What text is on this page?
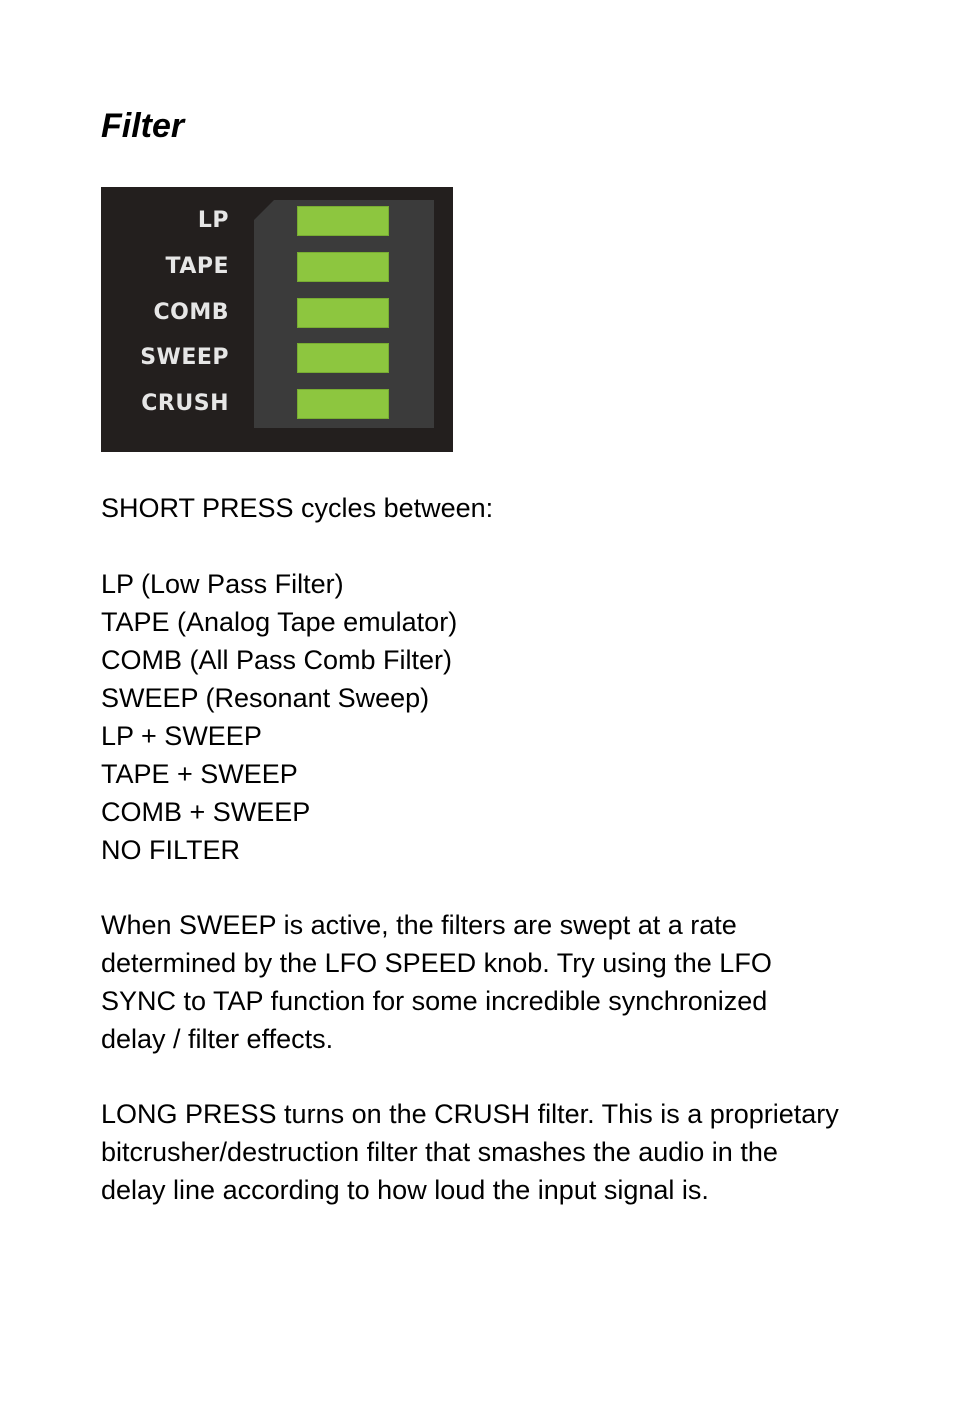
Filter
LP
TAPE
COMB
SWEEP
CRUSH

SHORT PRESS cycles between:

LP (Low Pass Filter)
TAPE (Analog Tape emulator)
COMB (All Pass Comb Filter)
SWEEP (Resonant Sweep)
LP + SWEEP
TAPE + SWEEP
COMB + SWEEP
NO FILTER

When SWEEP is active, the filters are swept at a rate
determined by the LFO SPEED knob. Try using the LFO
SYNC to TAP function for some incredible synchronized
delay / filter effects.

LONG PRESS turns on the CRUSH filter. This is a proprietary
bitcrusher/destruction filter that smashes the audio in the
delay line according to how loud the input signal is.
